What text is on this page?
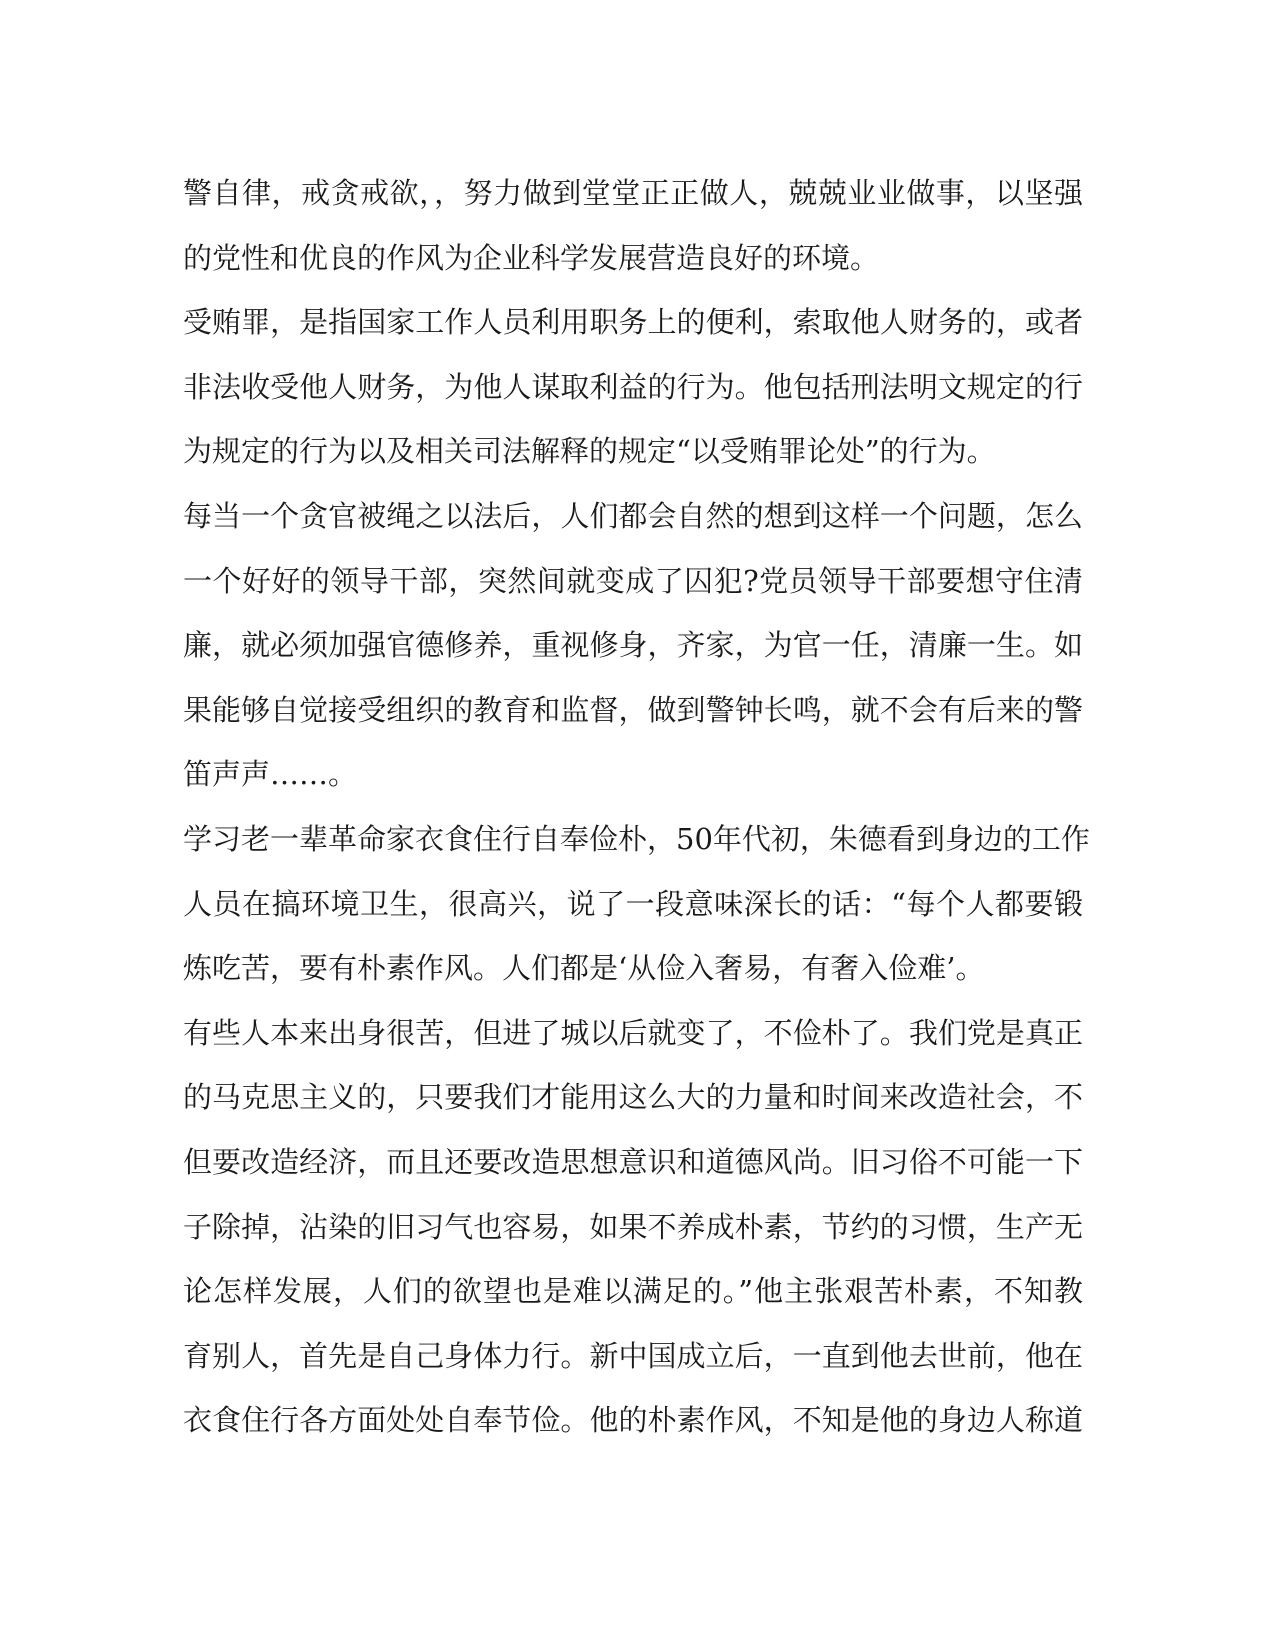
警自律，戒贪戒欲，，努力做到堂堂正正做人，兢兢业业做事，以坚强
的党性和优良的作风为企业科学发展营造良好的环境。
受贿罪，是指国家工作人员利用职务上的便利，索取他人财务的，或者
非法收受他人财务，为他人谋取利益的行为。他包括刑法明文规定的行
为规定的行为以及相关司法解释的规定“以受贿罪论处”的行为。
每当一个贪官被绳之以法后，人们都会自然的想到这样一个问题，怎么
一个好好的领导干部，突然间就变成了囚犯?党员领导干部要想守住清
廉，就必须加强官德修养，重视修身，齐家，为官一任，清廉一生。如
果能够自觉接受组织的教育和监督，做到警钟长鸣，就不会有后来的警
笛声声……。
学习老一辈革命家衣食住行自奉俭朴，50年代初，朱德看到身边的工作
人员在搞环境卫生，很高兴，说了一段意味深长的话：“每个人都要锻
炼吃苦，要有朴素作风。人们都是‘从俭入奢易，有奢入俭难’。
有些人本来出身很苦，但进了城以后就变了，不俭朴了。我们党是真正
的马克思主义的，只要我们才能用这么大的力量和时间来改造社会，不
但要改造经济，而且还要改造思想意识和道德风尚。旧习俗不可能一下
子除掉，沾染的旧习气也容易，如果不养成朴素，节约的习惯，生产无
论怎样发展，人们的欲望也是难以满足的。”他主张艰苦朴素，不知教
育别人，首先是自己身体力行。新中国成立后，一直到他去世前，他在
衣食住行各方面处处自奉节俭。他的朴素作风，不知是他的身边人称道
